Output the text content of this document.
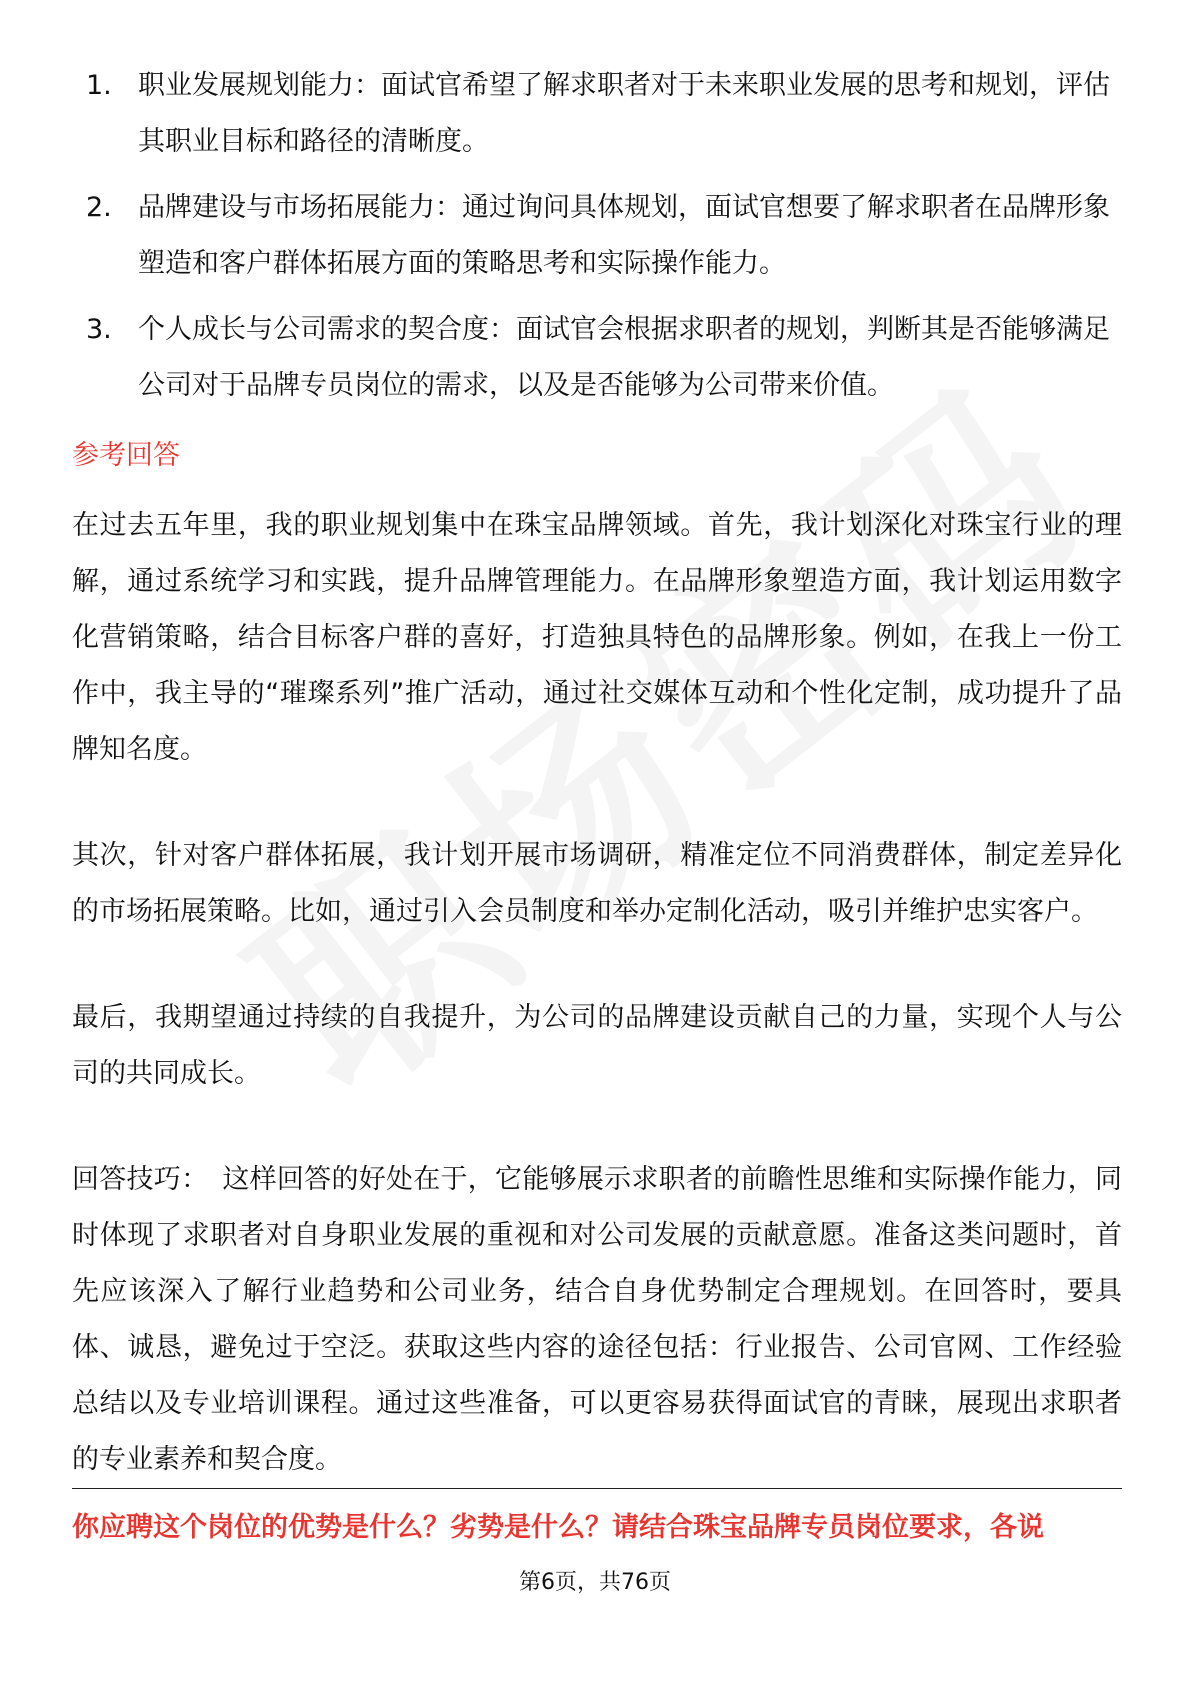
1. 职业发展规划能力：面试官希望了解求职者对于未来职业发展的思考和规划，评估其职业目标和路径的清晰度。
2. 品牌建设与市场拓展能力：通过询问具体规划，面试官想要了解求职者在品牌形象塑造和客户群体拓展方面的策略思考和实际操作能力。
3. 个人成长与公司需求的契合度：面试官会根据求职者的规划，判断其是否能够满足公司对于品牌专员岗位的需求，以及是否能够为公司带来价值。
参考回答

在过去五年里，我的职业规划集中在珠宝品牌领域。首先，我计划深化对珠宝行业的理解，通过系统学习和实践，提升品牌管理能力。在品牌形象塑造方面，我计划运用数字化营销策略，结合目标客户群的喜好，打造独具特色的品牌形象。例如，在我上一份工作中，我主导的“璀璨系列”推广活动，通过社交媒体互动和个性化定制，成功提升了品牌知名度。

其次，针对客户群体拓展，我计划开展市场调研，精准定位不同消费群体，制定差异化的市场拓展策略。比如，通过引入会员制度和举办定制化活动，吸引并维护忠实客户。

最后，我期望通过持续的自我提升，为公司的品牌建设贡献自己的力量，实现个人与公司的共同成长。

回答技巧： 这样回答的好处在于，它能够展示求职者的前瞻性思维和实际操作能力，同时体现了求职者对自身职业发展的重视和对公司发展的贡献意愿。准备这类问题时，首先应该深入了解行业趋势和公司业务，结合自身优势制定合理规划。在回答时，要具体、诚恳，避免过于空泛。获取这些内容的途径包括：行业报告、公司官网、工作经验总结以及专业培训课程。通过这些准备，可以更容易获得面试官的青睐，展现出求职者的专业素养和契合度。

你应聘这个岗位的优势是什么？劣势是什么？请结合珠宝品牌专员岗位要求，各说
第6页，共76页
